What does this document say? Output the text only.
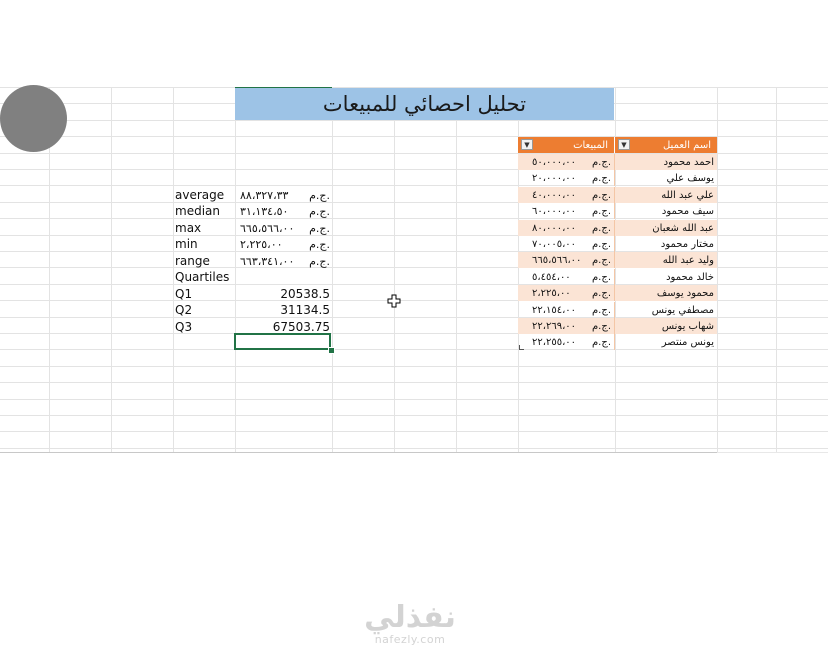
تحليل احصائي للمبيعات
▼	المبيعات	▼	اسم العميل
٥٠،٠٠٠،٠٠ ج.م.	احمد محمود
٢٠،٠٠٠،٠٠ ج.م.	يوسف علي
٤٠،٠٠٠،٠٠ ج.م.	علي عبد الله
٦٠،٠٠٠،٠٠ ج.م.	سيف محمود
٨٠،٠٠٠،٠٠ ج.م.	عبد الله شعبان
٧٠،٠٠٥،٠٠ ج.م.	مختار محمود
٦٦٥،٥٦٦،٠٠ ج.م.	وليد عبد الله
٥،٤٥٤،٠٠ ج.م.	خالد محمود
٢،٢٢٥،٠٠ ج.م.	محمود يوسف
٢٢،١٥٤،٠٠ ج.م.	مصطفي يونس
٢٢،٢٦٩،٠٠ ج.م.	شهاب يونس
٢٢،٢٥٥،٠٠ ج.م.	يونس منتصر
average ٨٨،٣٢٧،٣٣ ج.م.
median ٣١،١٣٤،٥٠ ج.م.
max	٦٦٥،٥٦٦،٠٠ ج.م.
min	٢،٢٢٥،٠٠ ج.م.
range	٦٦٣،٣٤١،٠٠ ج.م.
Quartiles
Q1	20538.5
Q2	31134.5
Q3	67503.75
نفذلي
nafezly.com
